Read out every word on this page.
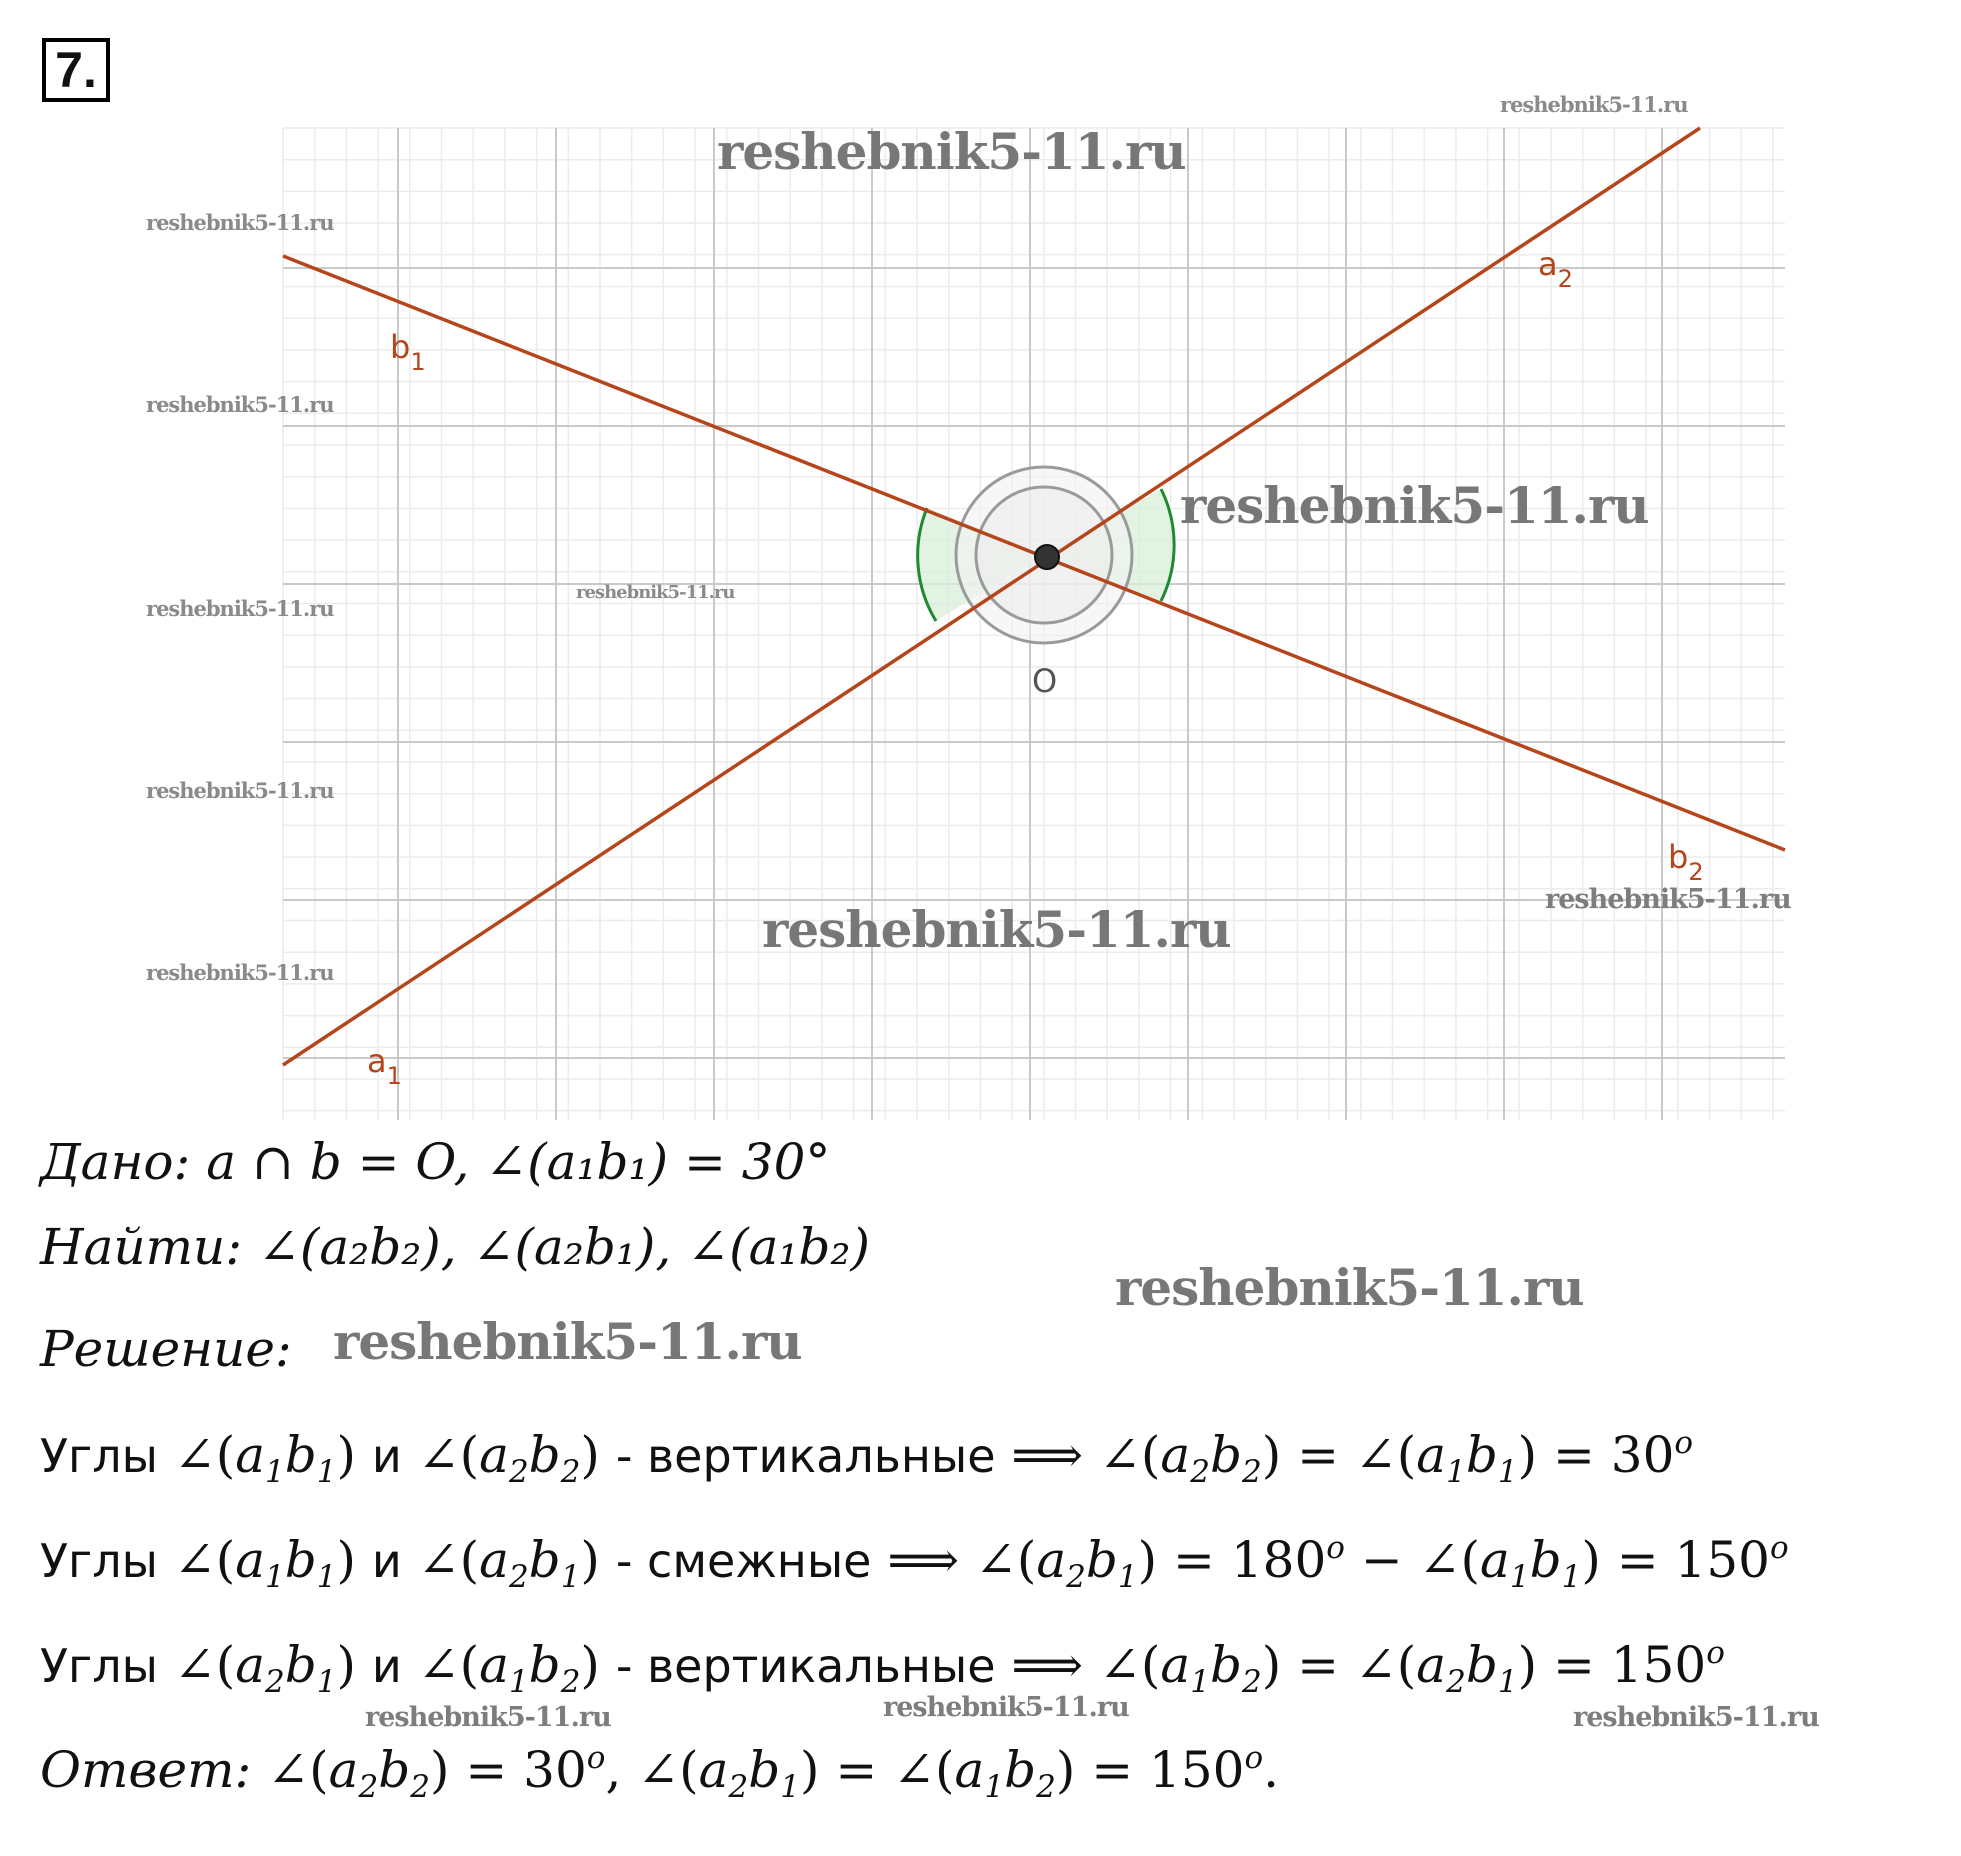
7.
$b_1$
$a_2$
$b_2$
$a_1$
O
reshebnik5-11.ru
reshebnik5-11.ru
reshebnik5-11.ru
reshebnik5-11.ru
reshebnik5-11.ru
reshebnik5-11.ru
reshebnik5-11.ru
reshebnik5-11.ru
reshebnik5-11.ru
reshebnik5-11.ru
reshebnik5-11.ru
reshebnik5-11.ru
reshebnik5-11.ru
reshebnik5-11.ru	reshebnik5-11.ru	reshebnik5-11.ru
Дано: a ∩ b = O, ∠(a₁b₁) = 30°
Найти: ∠(a₂b₂), ∠(a₂b₁), ∠(a₁b₂)
Решение:
Углы $\angle(a_1b_1)$ и $\angle(a_2b_2)$ - вертикальные ⟹ $\angle(a_2b_2)$ = $\angle(a_1b_1) = 30^o$
Углы $\angle(a_1b_1)$ и $\angle(a_2b_1)$ - смежные ⟹ $\angle(a_2b_1) = 180^o$ − $\angle(a_1b_1) = 150^o$
Углы $\angle(a_2b_1)$ и $\angle(a_1b_2)$ - вертикальные ⟹ $\angle(a_1b_2)$ = $\angle(a_2b_1) = 150^o$
Ответ: $\angle(a_2b_2) = 30^o$, $\angle(a_2b_1)$ = $\angle(a_1b_2) = 150^o$.
